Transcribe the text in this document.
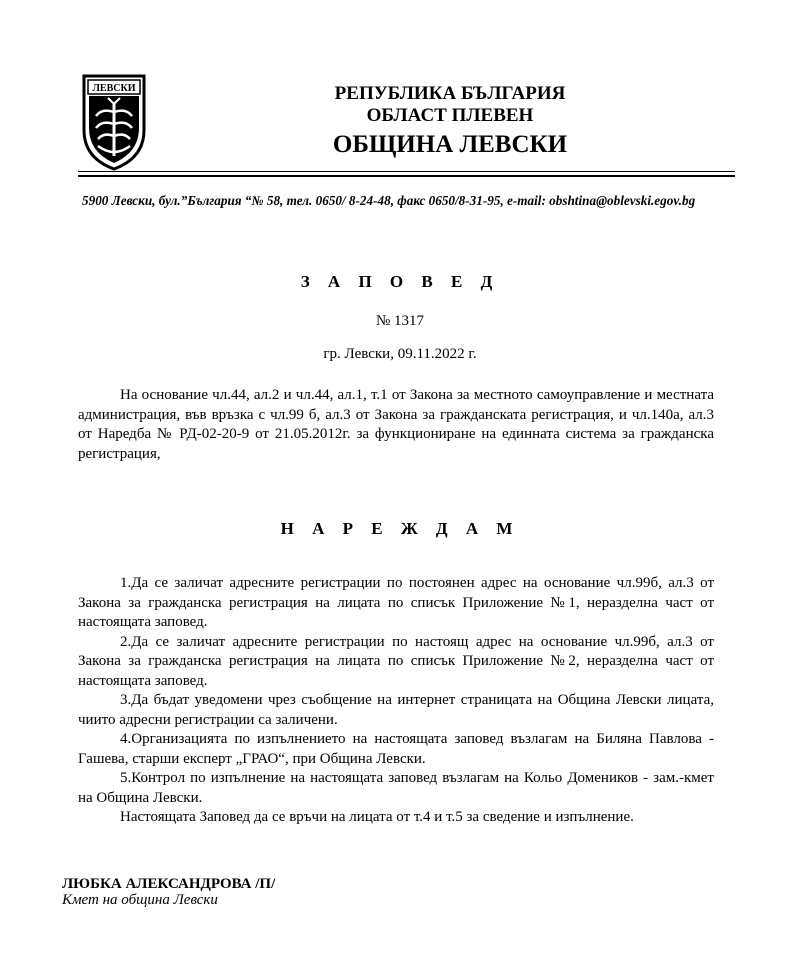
ЛЕВСКИ	РЕПУБЛИКА БЪЛГАРИЯ
ОБЛАСТ ПЛЕВЕН
ОБЩИНА ЛЕВСКИ
5900 Левски, бул.”България “№ 58, тел. 0650/ 8-24-48, факс 0650/8-31-95, e-mail: obshtina@oblevski.egov.bg
З А П О В Е Д
№ 1317
гр. Левски, 09.11.2022 г.
На основание чл.44, ал.2 и чл.44, ал.1, т.1 от Закона за местното самоуправление и местната администрация, във връзка с чл.99 б, ал.3 от Закона за гражданската регистрация, и чл.140а, ал.3 от Наредба № РД-02-20-9 от 21.05.2012г. за функциониране на единната система за гражданска регистрация,
Н А Р Е Ж Д А М

1.Да се заличат адресните регистрации по постоянен адрес на основание чл.99б, ал.3 от Закона за гражданска регистрация на лицата по списък Приложение №1, неразделна част от настоящата заповед.

2.Да се заличат адресните регистрации по настоящ адрес на основание чл.99б, ал.3 от Закона за гражданска регистрация на лицата по списък Приложение №2, неразделна част от настоящата заповед.

3.Да бъдат уведомени чрез съобщение на интернет страницата на Община Левски лицата, чиито адресни регистрации са заличени.

4.Организацията по изпълнението на настоящата заповед възлагам на Биляна Павлова - Гашева, старши експерт „ГРАО“, при Община Левски.

5.Контрол по изпълнение на настоящата заповед възлагам на Кольо Домеников - зам.-кмет на Община Левски.

Настоящата Заповед да се връчи на лицата от т.4 и т.5 за сведение и изпълнение.

ЛЮБКА АЛЕКСАНДРОВА /П/
Кмет на община Левски
